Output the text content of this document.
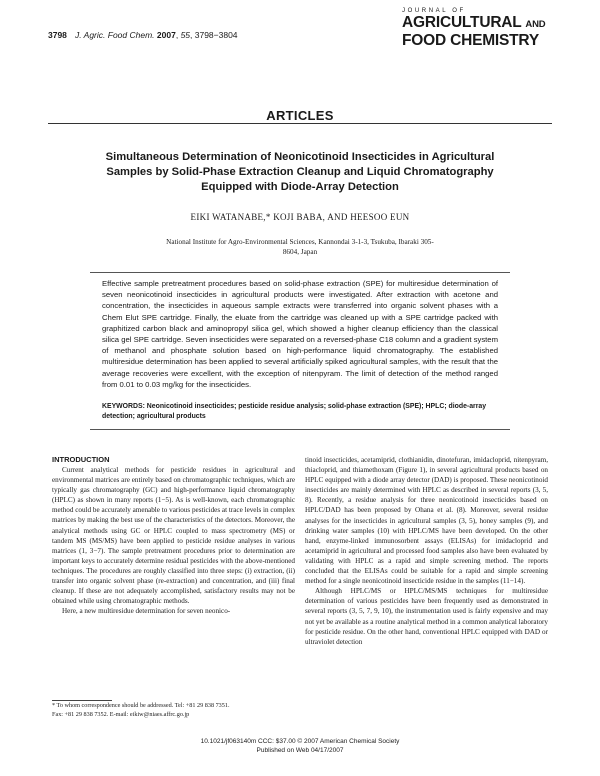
3798 J. Agric. Food Chem. 2007, 55, 3798−3804
JOURNAL OF
AGRICULTURAL AND
FOOD CHEMISTRY
ARTICLES
Simultaneous Determination of Neonicotinoid Insecticides in Agricultural Samples by Solid-Phase Extraction Cleanup and Liquid Chromatography Equipped with Diode-Array Detection
EIKI WATANABE,* KOJI BABA, AND HEESOO EUN
National Institute for Agro-Environmental Sciences, Kannondai 3-1-3, Tsukuba, Ibaraki 305-8604, Japan
Effective sample pretreatment procedures based on solid-phase extraction (SPE) for multiresidue determination of seven neonicotinoid insecticides in agricultural products were investigated. After extraction with acetone and concentration, the insecticides in aqueous sample extracts were transferred into organic solvent phases with a Chem Elut SPE cartridge. Finally, the eluate from the cartridge was cleaned up with a SPE cartridge packed with graphitized carbon black and aminopropyl silica gel, which showed a higher cleanup efficiency than the classical silica gel SPE cartridge. Seven insecticides were separated on a reversed-phase C18 column and a gradient system of methanol and phosphate solution based on high-performance liquid chromatography. The established multiresidue determination has been applied to several artificially spiked agricultural samples, with the result that the average recoveries were excellent, with the exception of nitenpyram. The limit of detection of the method ranged from 0.01 to 0.03 mg/kg for the insecticides.
KEYWORDS: Neonicotinoid insecticides; pesticide residue analysis; solid-phase extraction (SPE); HPLC; diode-array detection; agricultural products
INTRODUCTION

Current analytical methods for pesticide residues in agricultural and environmental matrices are entirely based on chromatographic techniques, which are typically gas chromatography (GC) and high-performance liquid chromatography (HPLC) as shown in many reports (1−5). As is well-known, each chromatographic method could be accurately amenable to various pesticides at trace levels in complex matrices by making the best use of the characteristics of the detectors. Moreover, the analytical methods using GC or HPLC coupled to mass spectrometry (MS) or tandem MS (MS/MS) have been applied to pesticide residue analyses in various matrices (1, 3−7). The sample pretreatment procedures prior to determination are important keys to accurately determine residual pesticides with the above-mentioned techniques. The procedures are roughly classified into three steps: (i) extraction, (ii) transfer into organic solvent phase (re-extraction) and concentration, and (iii) final cleanup. If these are not adequately accomplished, satisfactory results may not be obtained while using chromatographic methods.

Here, a new multiresidue determination for seven neonico-

tinoid insecticides, acetamiprid, clothianidin, dinotefuran, imidacloprid, nitenpyram, thiacloprid, and thiamethoxam (Figure 1), in several agricultural products based on HPLC equipped with a diode array detector (DAD) is proposed. These neonicotinoid insecticides are mainly determined with HPLC as described in several reports (3, 5, 8). Recently, a residue analysis for three neonicotinoid insecticides based on HPLC/DAD has been proposed by Ohana et al. (8). Moreover, several residue analyses for the insecticides in agricultural samples (3, 5), honey samples (9), and drinking water samples (10) with HPLC/MS have been developed. On the other hand, enzyme-linked immunosorbent assays (ELISAs) for imidacloprid and acetamiprid in agricultural and processed food samples also have been evaluated by validating with HPLC as a rapid and simple screening method. The reports concluded that the ELISAs could be suitable for a rapid and simple screening method for a single neonicotinoid insecticide residue in the samples (11−14).

Although HPLC/MS or HPLC/MS/MS techniques for multiresidue determination of various pesticides have been frequently used as demonstrated in several reports (3, 5, 7, 9, 10), the instrumentation used is fairly expensive and may not yet be available as a routine analytical method in a common analytical laboratory for pesticide residue. On the other hand, conventional HPLC equipped with DAD or ultraviolet detection

* To whom correspondence should be addressed. Tel: +81 29 838 7351.
Fax: +81 29 838 7352. E-mail: eikiw@niaes.affrc.go.jp
10.1021/jf063140m CCC: $37.00 © 2007 American Chemical Society
Published on Web 04/17/2007
